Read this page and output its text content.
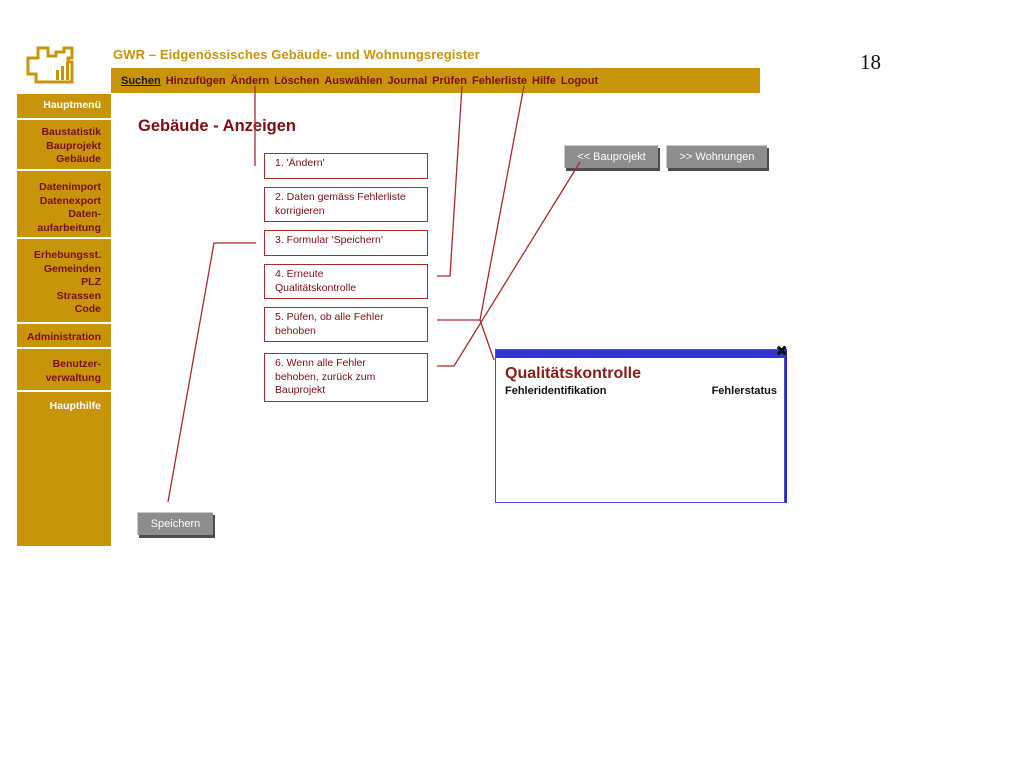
GWR – Eidgenössisches Gebäude- und Wohnungsregister	18
Suchen Hinzufügen Ändern Löschen Auswählen Journal Prüfen Fehlerliste Hilfe Logout
Hauptmenü
Baustatistik
Bauprojekt
Gebäude
Datenimport
Datenexport
Daten-
aufarbeitung
Erhebungsst.
Gemeinden
PLZ
Strassen
Code
Administration
Benutzer-
verwaltung
Haupthilfe
Gebäude - Anzeigen
<< Bauprojekt	>> Wohnungen
Speichern
1. 'Ändern'
2. Daten gemäss Fehlerliste
korrigieren
3. Formular 'Speichern'
4. Erneute
Qualitätskontrolle
5. Püfen, ob alle Fehler
behoben
6. Wenn alle Fehler
behoben, zurück zum
Bauprojekt
✖
Qualitätskontrolle
Fehleridentifikation	Fehlerstatus
